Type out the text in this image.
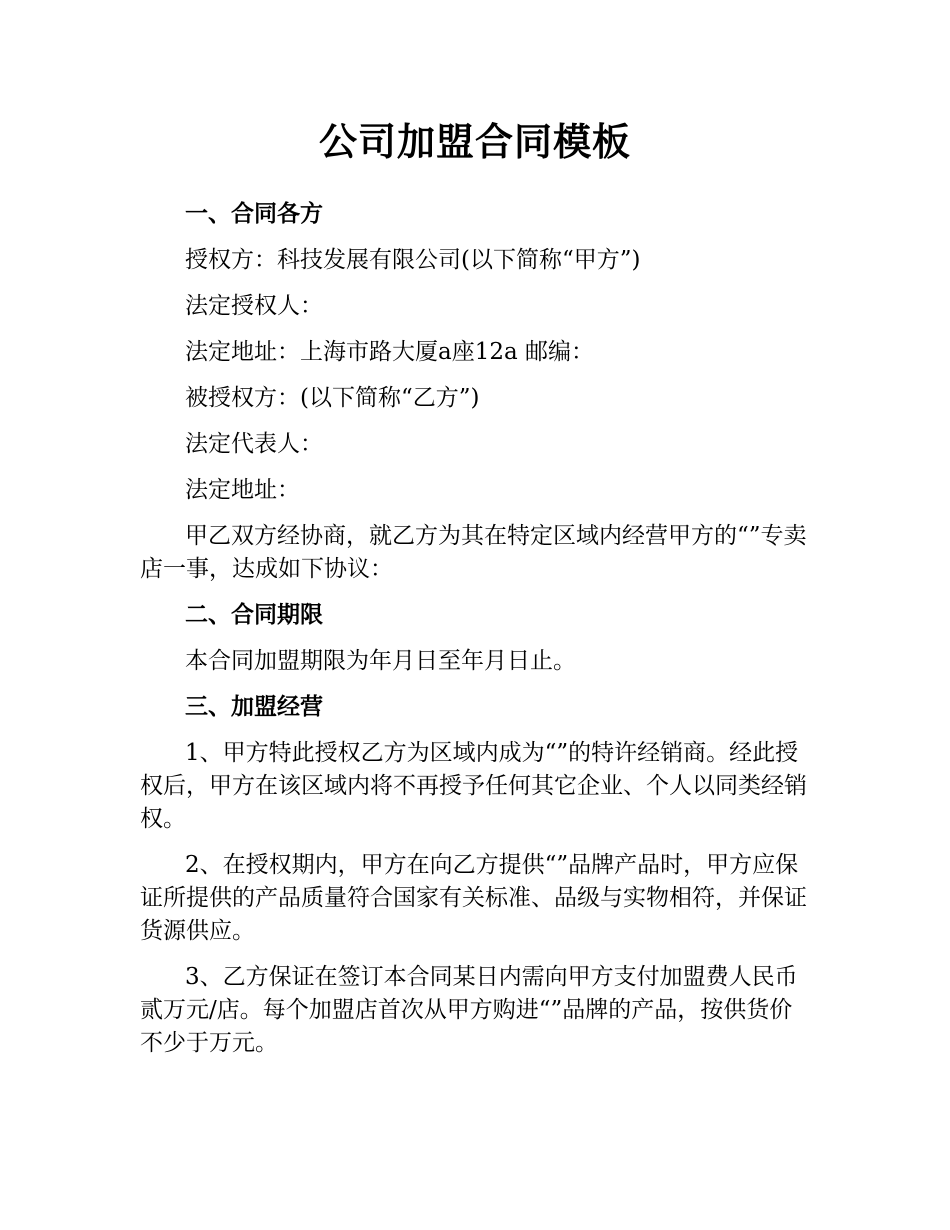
公司加盟合同模板
一、合同各方

授权方：科技发展有限公司(以下简称“甲方”)

法定授权人：

法定地址：上海市路大厦a座12a 邮编：

被授权方：(以下简称“乙方”)

法定代表人：

法定地址：

甲乙双方经协商，就乙方为其在特定区域内经营甲方的“”专卖店一事，达成如下协议：

二、合同期限

本合同加盟期限为年月日至年月日止。

三、加盟经营

1、甲方特此授权乙方为区域内成为“”的特许经销商。经此授权后，甲方在该区域内将不再授予任何其它企业、个人以同类经销权。

2、在授权期内，甲方在向乙方提供“”品牌产品时，甲方应保证所提供的产品质量符合国家有关标准、品级与实物相符，并保证货源供应。

3、乙方保证在签订本合同某日内需向甲方支付加盟费人民币贰万元/店。每个加盟店首次从甲方购进“”品牌的产品，按供货价不少于万元。
